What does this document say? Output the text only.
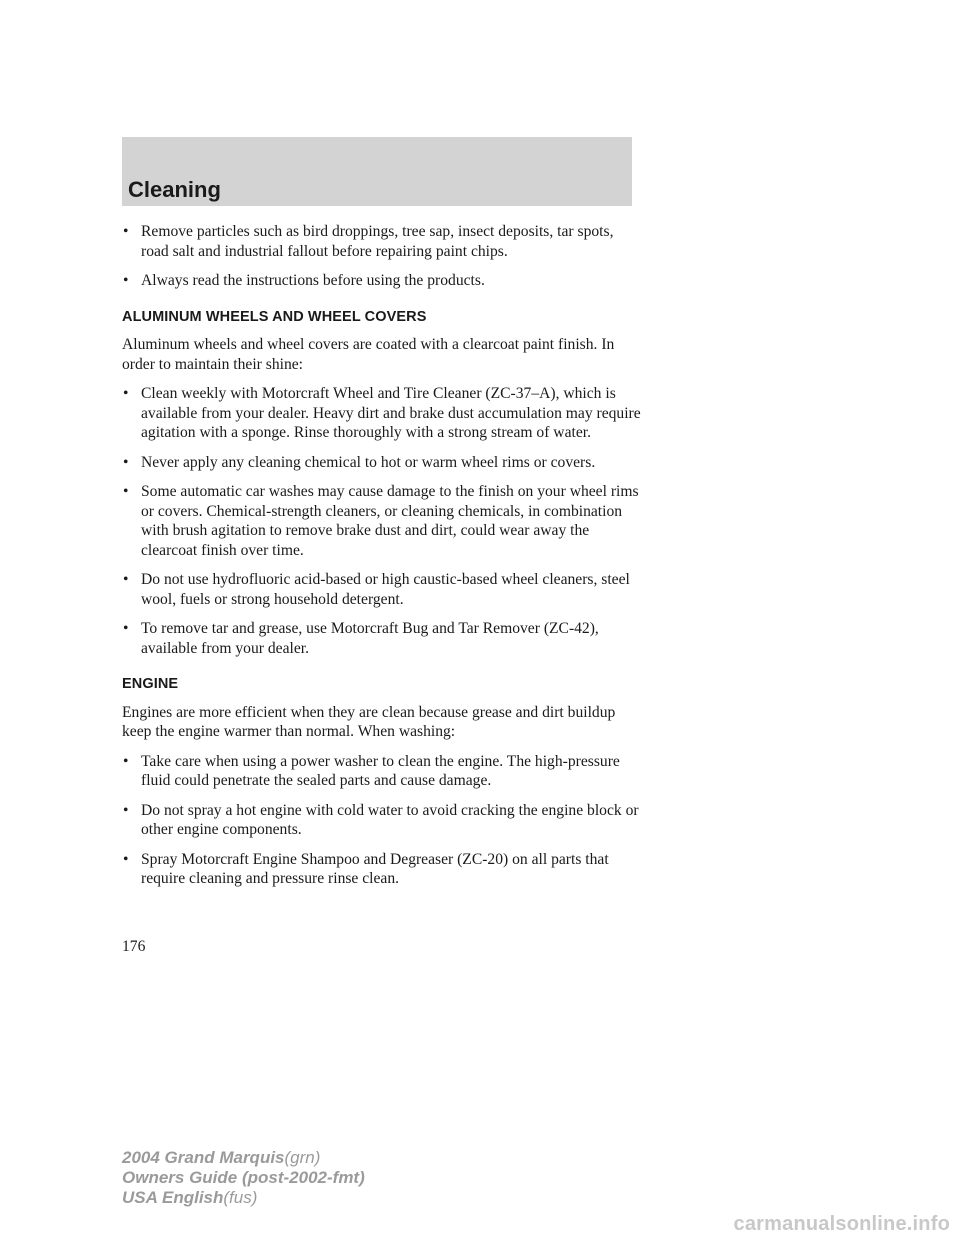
Cleaning
• Remove particles such as bird droppings, tree sap, insect deposits, tar spots, road salt and industrial fallout before repairing paint chips.
• Always read the instructions before using the products.
ALUMINUM WHEELS AND WHEEL COVERS

Aluminum wheels and wheel covers are coated with a clearcoat paint finish. In order to maintain their shine:

• Clean weekly with Motorcraft Wheel and Tire Cleaner (ZC-37–A), which is available from your dealer. Heavy dirt and brake dust accumulation may require agitation with a sponge. Rinse thoroughly with a strong stream of water.
• Never apply any cleaning chemical to hot or warm wheel rims or covers.
• Some automatic car washes may cause damage to the finish on your wheel rims or covers. Chemical-strength cleaners, or cleaning chemicals, in combination with brush agitation to remove brake dust and dirt, could wear away the clearcoat finish over time.
• Do not use hydrofluoric acid-based or high caustic-based wheel cleaners, steel wool, fuels or strong household detergent.
• To remove tar and grease, use Motorcraft Bug and Tar Remover (ZC-42), available from your dealer.
ENGINE

Engines are more efficient when they are clean because grease and dirt buildup keep the engine warmer than normal. When washing:

• Take care when using a power washer to clean the engine. The high-pressure fluid could penetrate the sealed parts and cause damage.
• Do not spray a hot engine with cold water to avoid cracking the engine block or other engine components.
• Spray Motorcraft Engine Shampoo and Degreaser (ZC-20) on all parts that require cleaning and pressure rinse clean.
176
2004 Grand Marquis(grn)
Owners Guide (post-2002-fmt)
USA English(fus)
carmanualsonline.info
